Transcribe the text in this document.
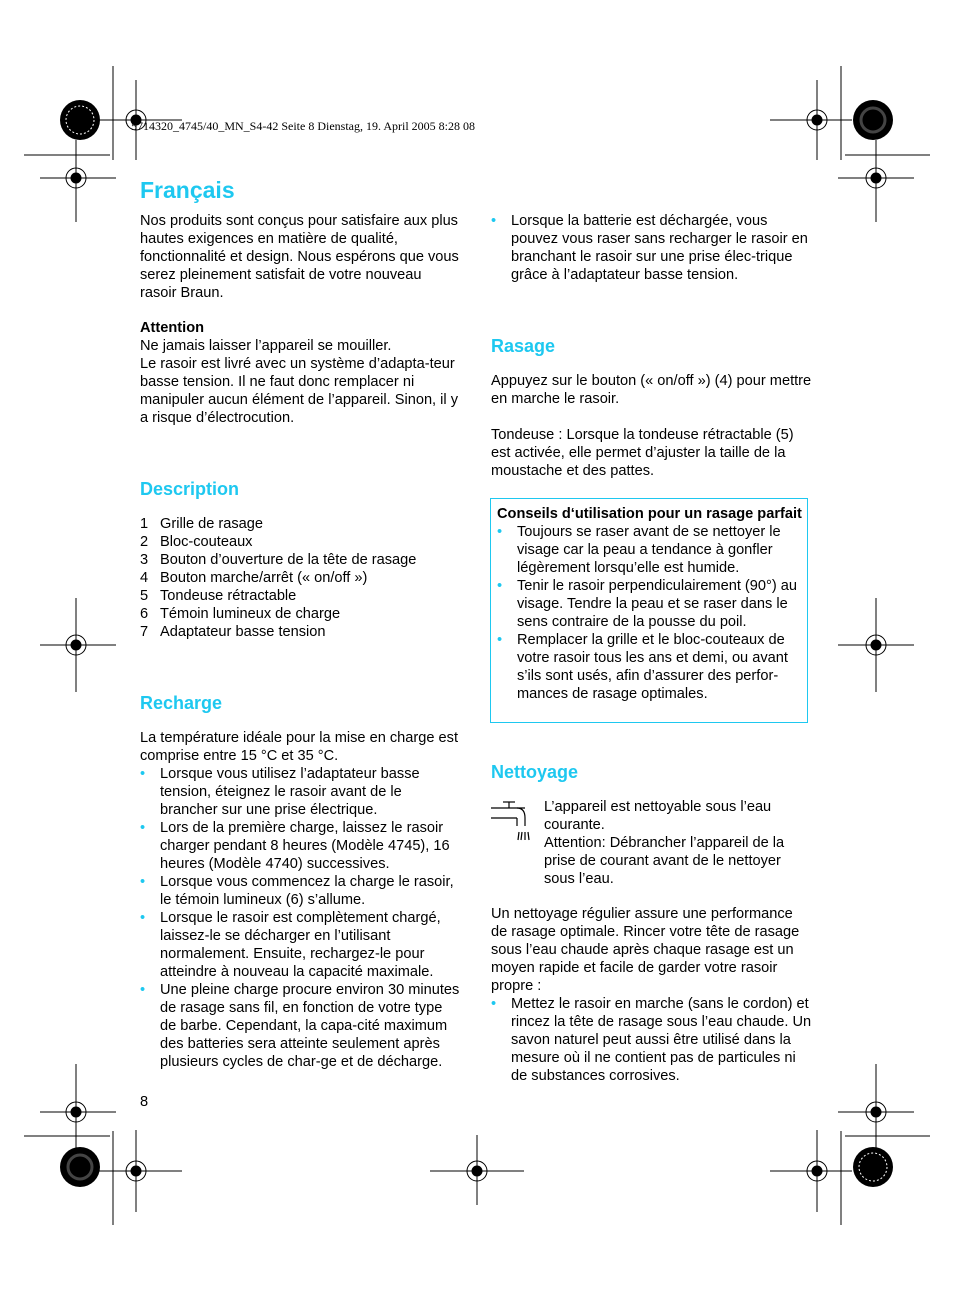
5714320_4745/40_MN_S4-42 Seite 8 Dienstag, 19. April 2005 8:28 08
Français

Nos produits sont conçus pour satisfaire aux plus hautes exigences en matière de qualité, fonctionnalité et design. Nous espérons que vous serez pleinement satisfait de votre nouveau rasoir Braun.

Attention

Ne jamais laisser l’appareil se mouiller.

Le rasoir est livré avec un système d’adapta-teur basse tension. Il ne faut donc remplacer ni manipuler aucun élément de l’appareil. Sinon, il y a risque d’électrocution.

Description
1 Grille de rasage
2 Bloc-couteaux
3 Bouton d’ouverture de la tête de rasage
4 Bouton marche/arrêt (« on/off »)
5 Tondeuse rétractable
6 Témoin lumineux de charge
7 Adaptateur basse tension
Recharge

La température idéale pour la mise en charge est comprise entre 15 °C et 35 °C.

• Lorsque vous utilisez l’adaptateur basse tension, éteignez le rasoir avant de le brancher sur une prise électrique.
• Lors de la première charge, laissez le rasoir charger pendant 8 heures (Modèle 4745), 16 heures (Modèle 4740) successives.
• Lorsque vous commencez la charge le rasoir, le témoin lumineux (6) s’allume.
• Lorsque le rasoir est complètement chargé, laissez-le se décharger en l’utilisant normalement. Ensuite, rechargez-le pour atteindre à nouveau la capacité maximale.
• Une pleine charge procure environ 30 minutes de rasage sans fil, en fonction de votre type de barbe. Cependant, la capa-cité maximum des batteries sera atteinte seulement après plusieurs cycles de char-ge et de décharge.
8
• Lorsque la batterie est déchargée, vous pouvez vous raser sans recharger le rasoir en branchant le rasoir sur une prise élec-trique grâce à l’adaptateur basse tension.
Rasage

Appuyez sur le bouton (« on/off ») (4) pour mettre en marche le rasoir.

Tondeuse : Lorsque la tondeuse rétractable (5) est activée, elle permet d’ajuster la taille de la moustache et des pattes.

Conseils d‘utilisation pour un rasage parfait

• Toujours se raser avant de se nettoyer le visage car la peau a tendance à gonfler légèrement lorsqu’elle est humide.
• Tenir le rasoir perpendiculairement (90°) au visage. Tendre la peau et se raser dans le sens contraire de la pousse du poil.
• Remplacer la grille et le bloc-couteaux de votre rasoir tous les ans et demi, ou avant s’ils sont usés, afin d’assurer des perfor-mances de rasage optimales.
Nettoyage

L’appareil est nettoyable sous l’eau courante.

Attention: Débrancher l’appareil de la prise de courant avant de le nettoyer sous l’eau.

Un nettoyage régulier assure une performance de rasage optimale. Rincer votre tête de rasage sous l’eau chaude après chaque rasage est un moyen rapide et facile de garder votre rasoir propre :

• Mettez le rasoir en marche (sans le cordon) et rincez la tête de rasage sous l’eau chaude. Un savon naturel peut aussi être utilisé dans la mesure où il ne contient pas de particules ni de substances corrosives.
